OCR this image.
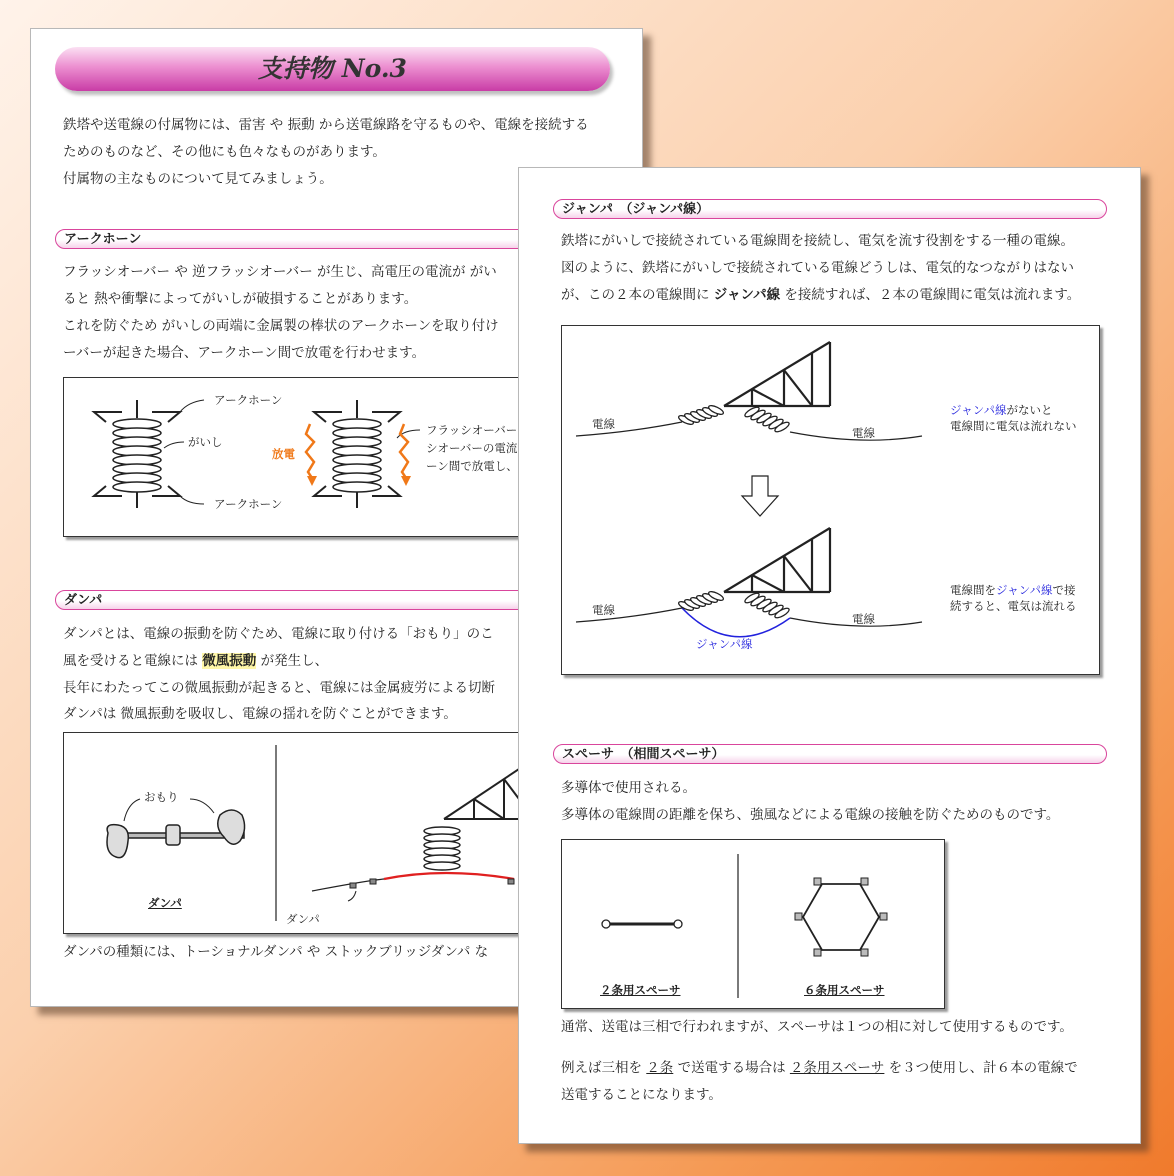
支持物 No.3
鉄塔や送電線の付属物には、雷害 や 振動 から送電線路を守るものや、電線を接続する
ためのものなど、その他にも色々なものがあります。
付属物の主なものについて見てみましょう。
アークホーン
フラッシオーバー や 逆フラッシオーバー が生じ、高電圧の電流が がい
ると 熱や衝撃によってがいしが破損することがあります。
これを防ぐため がいしの両端に金属製の棒状のアークホーンを取り付け
ーバーが起きた場合、アークホーン間で放電を行わせます。
アークホーン
がいし
アークホーン
放電
フラッシオーバー
シオーバーの電流
ーン間で放電し、
ダンパ
ダンパとは、電線の振動を防ぐため、電線に取り付ける「おもり」のこ
風を受けると電線には 微風振動 が発生し、
長年にわたってこの微風振動が起きると、電線には金属疲労による切断
ダンパは 微風振動を吸収し、電線の揺れを防ぐことができます。
おもり
ダンパ
ダンパ
ダンパの種類には、トーショナルダンパ や ストックブリッジダンパ な
ジャンパ　（ジャンパ線）
鉄塔にがいしで接続されている電線間を接続し、電気を流す役割をする一種の電線。
図のように、鉄塔にがいしで接続されている電線どうしは、電気的なつながりはない
が、この２本の電線間に ジャンパ線 を接続すれば、２本の電線間に電気は流れます。
電線
電線
ジャンパ線がないと
電線間に電気は流れない
電線
電線
電線間をジャンパ線で接
続すると、電気は流れる
ジャンパ線
スペーサ　（相間スペーサ）
多導体で使用される。
多導体の電線間の距離を保ち、強風などによる電線の接触を防ぐためのものです。
２条用スペーサ	６条用スペーサ
通常、送電は三相で行われますが、スペーサは１つの相に対して使用するものです。
例えば三相を ２条 で送電する場合は ２条用スペーサ を３つ使用し、計６本の電線で
送電することになります。
